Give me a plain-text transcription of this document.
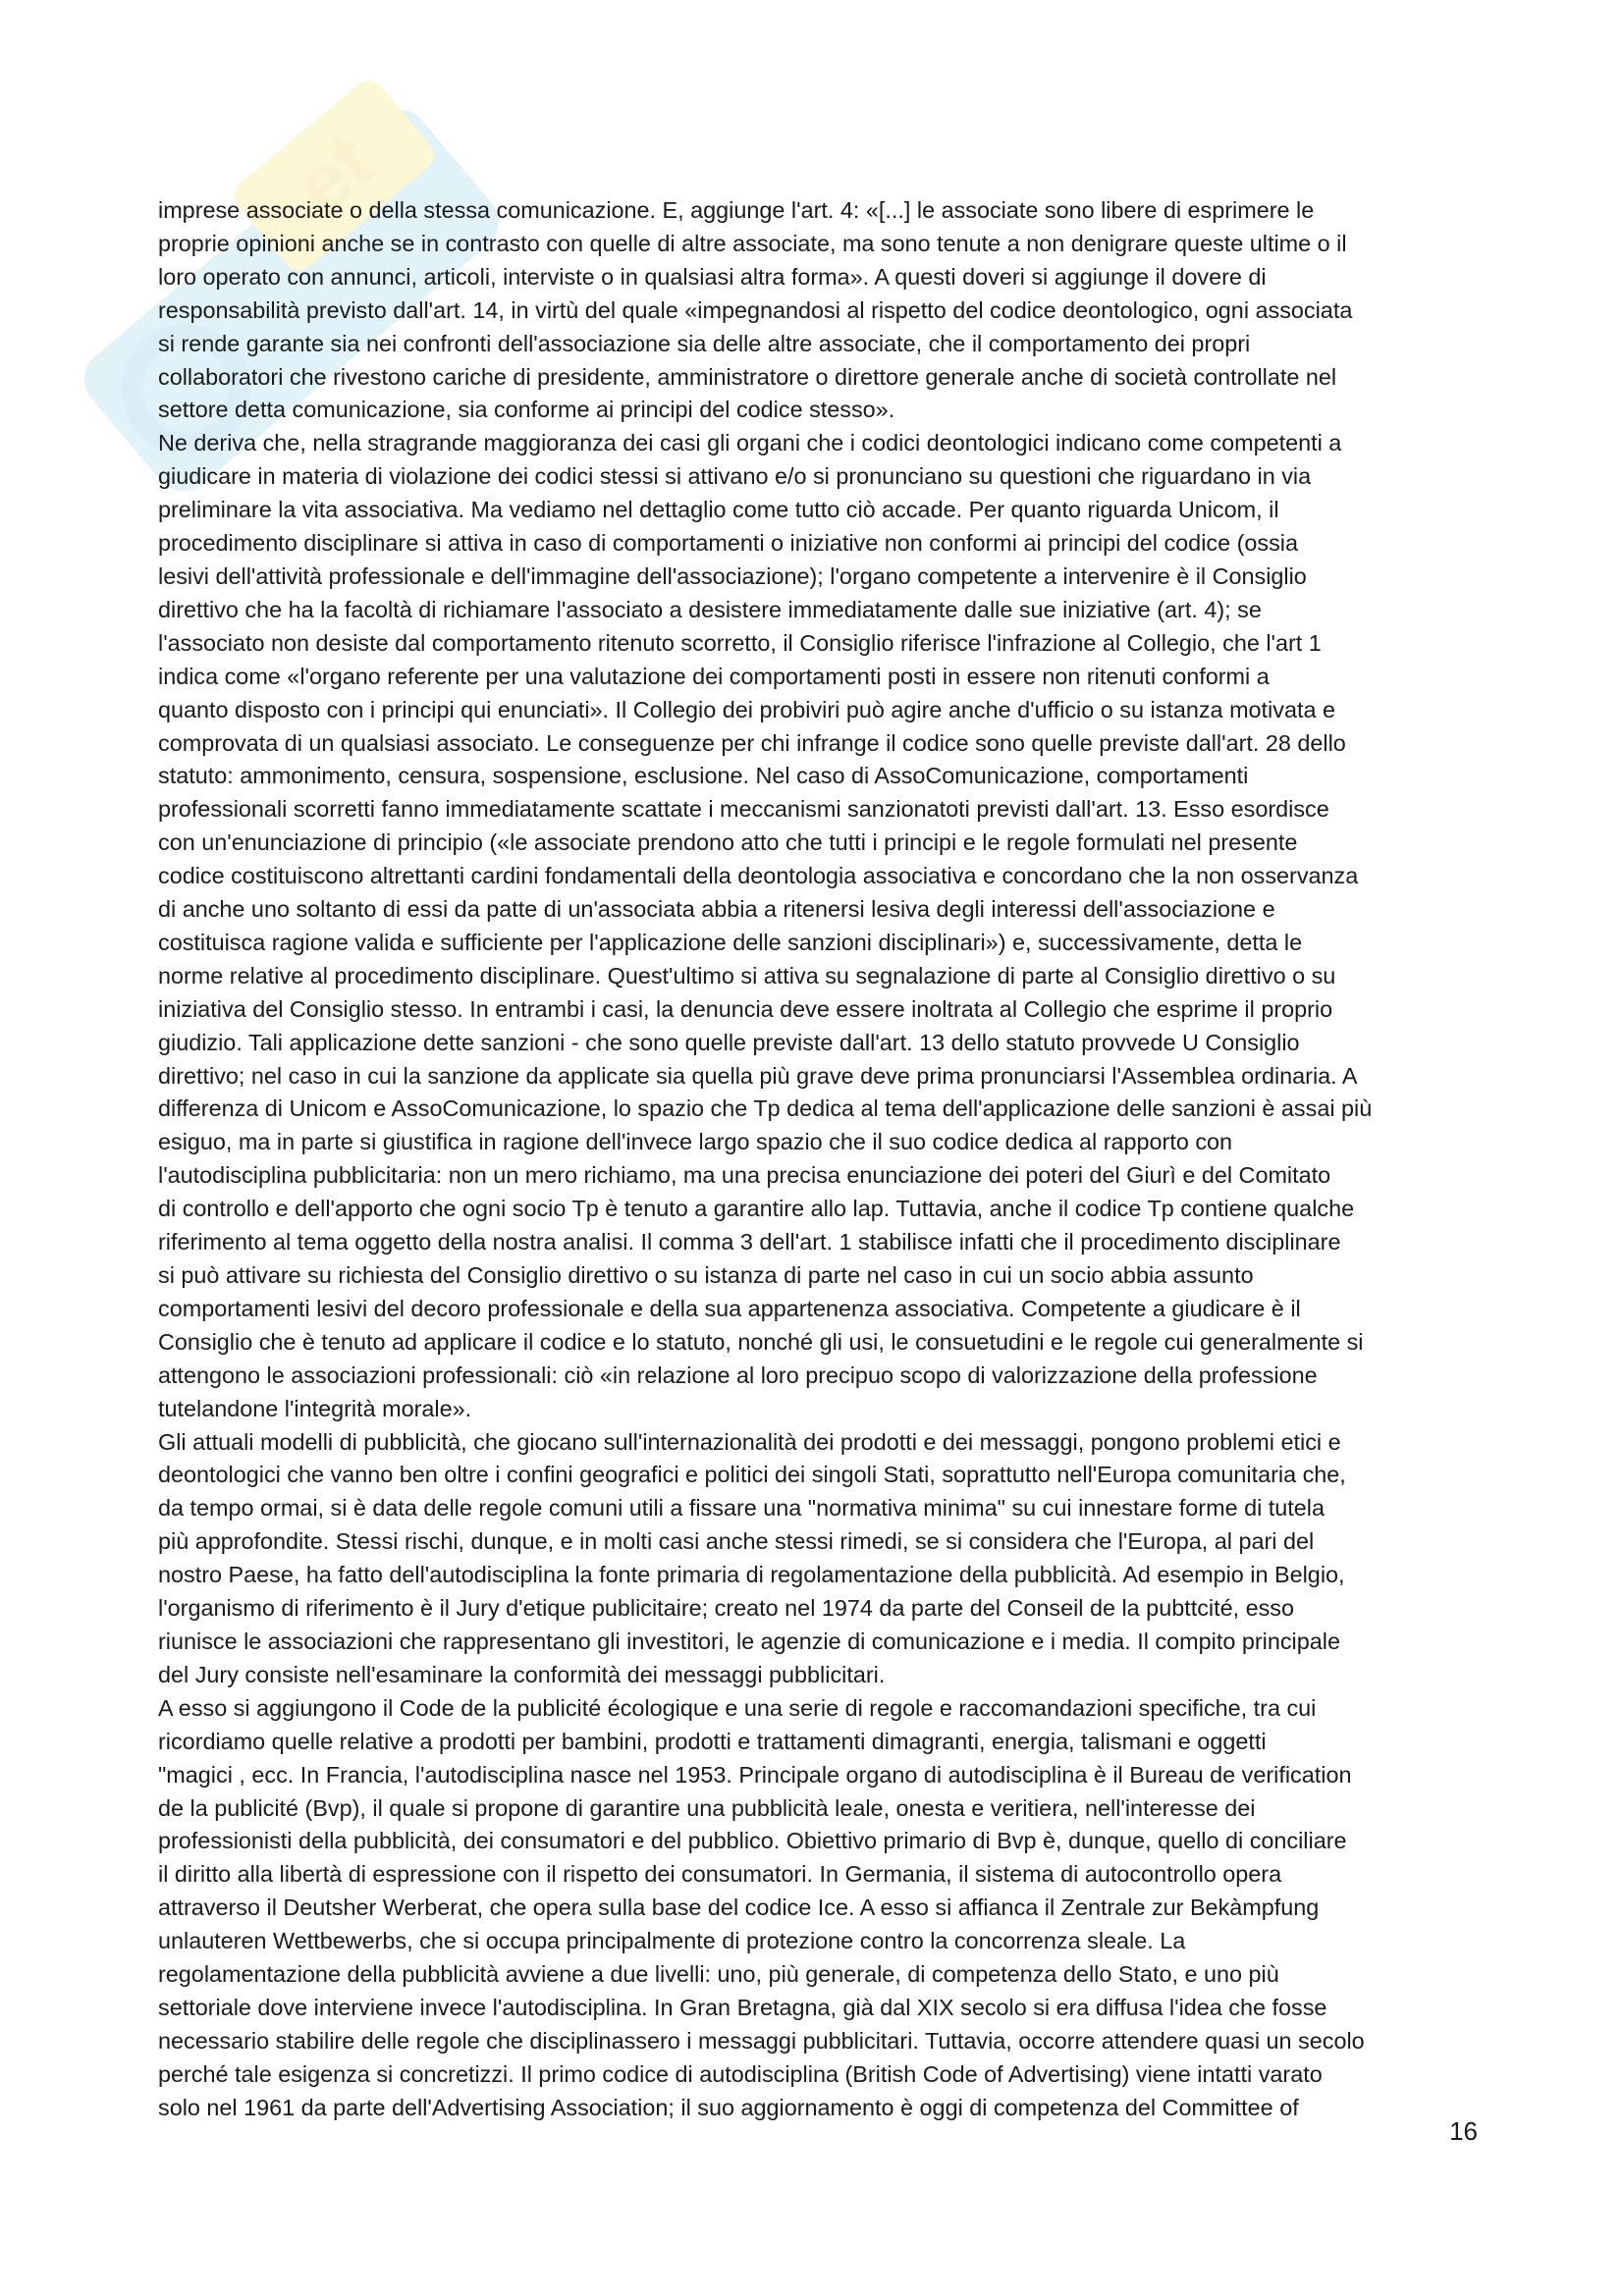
et
imprese associate o della stessa comunicazione. E, aggiunge l'art. 4: «[...] le associate sono libere di esprimere le
proprie opinioni anche se in contrasto con quelle di altre associate, ma sono tenute a non denigrare queste ultime o il
loro operato con annunci, articoli, interviste o in qualsiasi altra forma». A questi doveri si aggiunge il dovere di
responsabilità previsto dall'art. 14, in virtù del quale «impegnandosi al rispetto del codice deontologico, ogni associata
si rende garante sia nei confronti dell'associazione sia delle altre associate, che il comportamento dei propri
collaboratori che rivestono cariche di presidente, amministratore o direttore generale anche di società controllate nel
settore detta comunicazione, sia conforme ai principi del codice stesso».
Ne deriva che, nella stragrande maggioranza dei casi gli organi che i codici deontologici indicano come competenti a
giudicare in materia di violazione dei codici stessi si attivano e/o si pronunciano su questioni che riguardano in via
preliminare la vita associativa. Ma vediamo nel dettaglio come tutto ciò accade. Per quanto riguarda Unicom, il
procedimento disciplinare si attiva in caso di comportamenti o iniziative non conformi ai principi del codice (ossia
lesivi dell'attività professionale e dell'immagine dell'associazione); l'organo competente a intervenire è il Consiglio
direttivo che ha la facoltà di richiamare l'associato a desistere immediatamente dalle sue iniziative (art. 4); se
l'associato non desiste dal comportamento ritenuto scorretto, il Consiglio riferisce l'infrazione al Collegio, che l'art 1
indica come «l'organo referente per una valutazione dei comportamenti posti in essere non ritenuti conformi a
quanto disposto con i principi qui enunciati». Il Collegio dei probiviri può agire anche d'ufficio o su istanza motivata e
comprovata di un qualsiasi associato. Le conseguenze per chi infrange il codice sono quelle previste dall'art. 28 dello
statuto: ammonimento, censura, sospensione, esclusione. Nel caso di AssoComunicazione, comportamenti
professionali scorretti fanno immediatamente scattate i meccanismi sanzionatoti previsti dall'art. 13. Esso esordisce
con un'enunciazione di principio («le associate prendono atto che tutti i principi e le regole formulati nel presente
codice costituiscono altrettanti cardini fondamentali della deontologia associativa e concordano che la non osservanza
di anche uno soltanto di essi da patte di un'associata abbia a ritenersi lesiva degli interessi dell'associazione e
costituisca ragione valida e sufficiente per l'applicazione delle sanzioni disciplinari») e, successivamente, detta le
norme relative al procedimento disciplinare. Quest'ultimo si attiva su segnalazione di parte al Consiglio direttivo o su
iniziativa del Consiglio stesso. In entrambi i casi, la denuncia deve essere inoltrata al Collegio che esprime il proprio
giudizio. Tali applicazione dette sanzioni - che sono quelle previste dall'art. 13 dello statuto provvede U Consiglio
direttivo; nel caso in cui la sanzione da applicate sia quella più grave deve prima pronunciarsi l'Assemblea ordinaria. A
differenza di Unicom e AssoComunicazione, lo spazio che Tp dedica al tema dell'applicazione delle sanzioni è assai più
esiguo, ma in parte si giustifica in ragione dell'invece largo spazio che il suo codice dedica al rapporto con
l'autodisciplina pubblicitaria: non un mero richiamo, ma una precisa enunciazione dei poteri del Giurì e del Comitato
di controllo e dell'apporto che ogni socio Tp è tenuto a garantire allo lap. Tuttavia, anche il codice Tp contiene qualche
riferimento al tema oggetto della nostra analisi. Il comma 3 dell'art. 1 stabilisce infatti che il procedimento disciplinare
si può attivare su richiesta del Consiglio direttivo o su istanza di parte nel caso in cui un socio abbia assunto
comportamenti lesivi del decoro professionale e della sua appartenenza associativa. Competente a giudicare è il
Consiglio che è tenuto ad applicare il codice e lo statuto, nonché gli usi, le consuetudini e le regole cui generalmente si
attengono le associazioni professionali: ciò «in relazione al loro precipuo scopo di valorizzazione della professione
tutelandone l'integrità morale».
Gli attuali modelli di pubblicità, che giocano sull'internazionalità dei prodotti e dei messaggi, pongono problemi etici e
deontologici che vanno ben oltre i confini geografici e politici dei singoli Stati, soprattutto nell'Europa comunitaria che,
da tempo ormai, si è data delle regole comuni utili a fissare una "normativa minima" su cui innestare forme di tutela
più approfondite. Stessi rischi, dunque, e in molti casi anche stessi rimedi, se si considera che l'Europa, al pari del
nostro Paese, ha fatto dell'autodisciplina la fonte primaria di regolamentazione della pubblicità. Ad esempio in Belgio,
l'organismo di riferimento è il Jury d'etique publicitaire; creato nel 1974 da parte del Conseil de la pubttcité, esso
riunisce le associazioni che rappresentano gli investitori, le agenzie di comunicazione e i media. Il compito principale
del Jury consiste nell'esaminare la conformità dei messaggi pubblicitari.
A esso si aggiungono il Code de la publicité écologique e una serie di regole e raccomandazioni specifiche, tra cui
ricordiamo quelle relative a prodotti per bambini, prodotti e trattamenti dimagranti, energia, talismani e oggetti
"magici , ecc. In Francia, l'autodisciplina nasce nel 1953. Principale organo di autodisciplina è il Bureau de verification
de la publicité (Bvp), il quale si propone di garantire una pubblicità leale, onesta e veritiera, nell'interesse dei
professionisti della pubblicità, dei consumatori e del pubblico. Obiettivo primario di Bvp è, dunque, quello di conciliare
il diritto alla libertà di espressione con il rispetto dei consumatori. In Germania, il sistema di autocontrollo opera
attraverso il Deutsher Werberat, che opera sulla base del codice Ice. A esso si affianca il Zentrale zur Bekàmpfung
unlauteren Wettbewerbs, che si occupa principalmente di protezione contro la concorrenza sleale. La
regolamentazione della pubblicità avviene a due livelli: uno, più generale, di competenza dello Stato, e uno più
settoriale dove interviene invece l'autodisciplina. In Gran Bretagna, già dal XIX secolo si era diffusa l'idea che fosse
necessario stabilire delle regole che disciplinassero i messaggi pubblicitari. Tuttavia, occorre attendere quasi un secolo
perché tale esigenza si concretizzi. Il primo codice di autodisciplina (British Code of Advertising) viene intatti varato
solo nel 1961 da parte dell'Advertising Association; il suo aggiornamento è oggi di competenza del Committee of
16
